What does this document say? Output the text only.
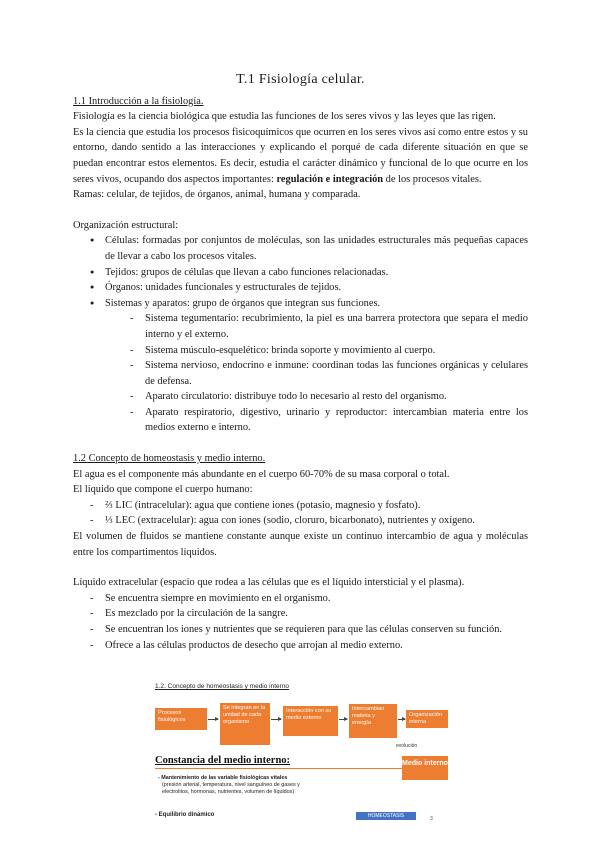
T.1 Fisiología celular.

1.1 Introducción a la fisiología.

Fisiología es la ciencia biológica que estudia las funciones de los seres vivos y las leyes que las rigen.

Es la ciencia que estudia los procesos fisicoquímicos que ocurren en los seres vivos así como entre estos y su entorno, dando sentido a las interacciones y explicando el porqué de cada diferente situación en que se puedan encontrar estos elementos. Es decir, estudia el carácter dinámico y funcional de lo que ocurre en los seres vivos, ocupando dos aspectos importantes: regulación e integración de los procesos vitales.

Ramas: celular, de tejidos, de órganos, animal, humana y comparada.

Organización estructural:

● Células: formadas por conjuntos de moléculas, son las unidades estructurales más pequeñas capaces de llevar a cabo los procesos vitales.
● Tejidos: grupos de células que llevan a cabo funciones relacionadas.
● Órganos: unidades funcionales y estructurales de tejidos.
● Sistemas y aparatos: grupo de órganos que integran sus funciones.
- Sistema tegumentario: recubrimiento, la piel es una barrera protectora que separa el medio interno y el externo.
- Sistema músculo-esquelético: brinda soporte y movimiento al cuerpo.
- Sistema nervioso, endocrino e inmune: coordinan todas las funciones orgánicas y celulares de defensa.
- Aparato circulatorio: distribuye todo lo necesario al resto del organismo.
- Aparato respiratorio, digestivo, urinario y reproductor: intercambian materia entre los medios externo e interno.

1.2 Concepto de homeostasis y medio interno.

El agua es el componente más abundante en el cuerpo 60-70% de su masa corporal o total.

El líquido que compone el cuerpo humano:

- ⅔ LIC (intracelular): agua que contiene iones (potasio, magnesio y fosfato).
- ⅓ LEC (extracelular): agua con iones (sodio, cloruro, bicarbonato), nutrientes y oxígeno.

El volumen de fluidos se mantiene constante aunque existe un continuo intercambio de agua y moléculas entre los compartimentos líquidos.

Líquido extracelular (espacio que rodea a las células que es el líquido intersticial y el plasma).

- Se encuentra siempre en movimiento en el organismo.
- Es mezclado por la circulación de la sangre.
- Se encuentran los iones y nutrientes que se requieren para que las células conserven su función.
- Ofrece a las células productos de desecho que arrojan al medio externo.
1.2. Concepto de homeostasis y medio interno
Procesos fisiológicos
Se integran en la unidad de cada organismo
Interacción con su medio externo
Intercambian materia y energía
Organización interna
evolución
Constancia del medio interno:	Medio interno
- Mantenimiento de las variable fisiológicas vitales
(presión arterial, temperatura, nivel sanguíneo de gases y
electrolitos, hormonas, nutrientes, volumen de líquidos)
- Equilibrio dinámico	HOMEOSTASIS	3
